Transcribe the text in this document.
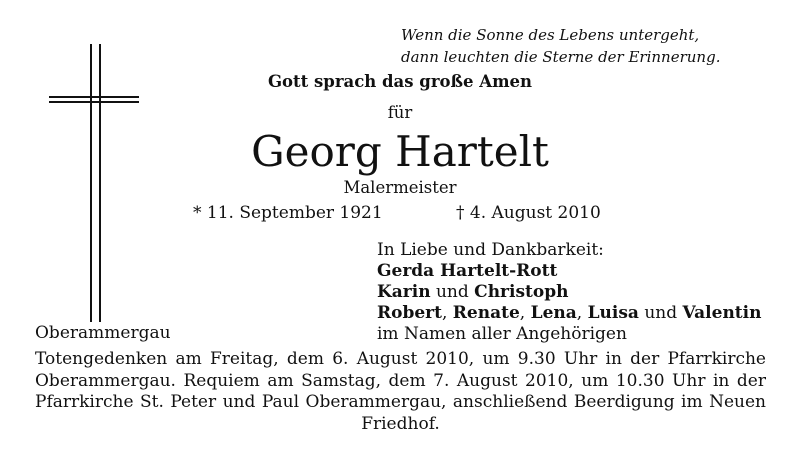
Wenn die Sonne des Lebens untergeht,
dann leuchten die Sterne der Erinnerung.
Gott sprach das große Amen
für
Georg Hartelt
Malermeister
* 11. September 1921	† 4. August 2010
In Liebe und Dankbarkeit:
Gerda Hartelt-Rott
Karin und Christoph
Robert, Renate, Lena, Luisa und Valentin
im Namen aller Angehörigen
Oberammergau
Totengedenken am Freitag, dem 6. August 2010, um 9.30 Uhr in der Pfarrkirche Oberammergau. Requiem am Samstag, dem 7. August 2010, um 10.30 Uhr in der Pfarrkirche St. Peter und Paul Oberammergau, anschließend Beerdigung im Neuen Friedhof.
